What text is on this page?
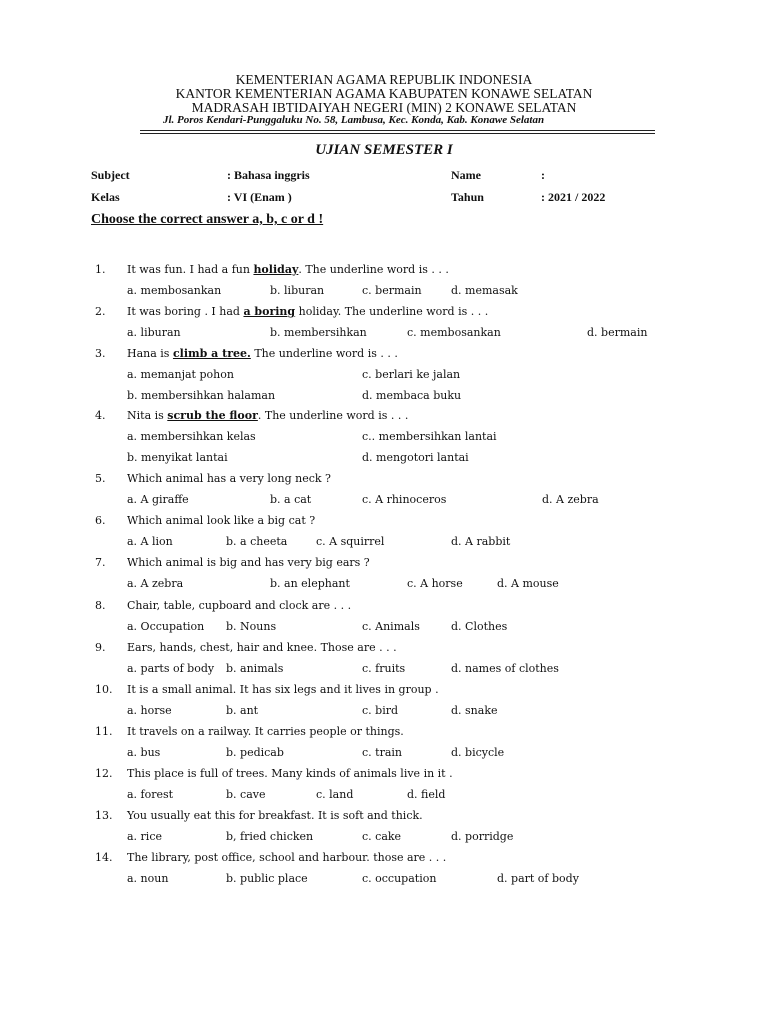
KEMENTERIAN AGAMA REPUBLIK INDONESIA
KANTOR KEMENTERIAN AGAMA KABUPATEN KONAWE SELATAN
MADRASAH IBTIDAIYAH NEGERI (MIN) 2 KONAWE SELATAN
Jl. Poros Kendari-Punggaluku No. 58, Lambusa, Kec. Konda, Kab. Konawe Selatan
UJIAN SEMESTER I
Subject	: Bahasa inggris	Name	:
Kelas	: VI (Enam )	Tahun	: 2021 / 2022
Choose the correct answer a, b, c or d !
1. It was fun. I had a fun holiday. The underline word is . . .
a. membosankan	b. liburan	c. bermain	d. memasak
2. It was boring . I had a boring holiday. The underline word is . . .
a. liburan	b. membersihkan	c. membosankan	d. bermain
3. Hana is climb a tree. The underline word is . . .
a. memanjat pohon	c. berlari ke jalan
b. membersihkan halaman	d. membaca buku
4. Nita is scrub the floor. The underline word is . . .
a. membersihkan kelas	c.. membersihkan lantai
b. menyikat lantai	d. mengotori lantai
5. Which animal has a very long neck ?
a. A giraffe	b. a cat	c. A rhinoceros	d. A zebra
6. Which animal look like a big cat ?
a. A lion	b. a cheeta	c. A squirrel	d. A rabbit
7. Which animal is big and has very big ears ?
a. A zebra	b. an elephant	c. A horse	d. A mouse
8. Chair, table, cupboard and clock are . . .
a. Occupation b. Nouns	c. Animals	d. Clothes
9. Ears, hands, chest, hair and knee. Those are . . .
a. parts of body b. animals	c. fruits	d. names of clothes
10. It is a small animal. It has six legs and it lives in group .
a. horse	b. ant	c. bird	d. snake
11. It travels on a railway. It carries people or things.
a. bus	b. pedicab	c. train	d. bicycle
12. This place is full of trees. Many kinds of animals live in it .
a. forest	b. cave	c. land	d. field
13. You usually eat this for breakfast. It is soft and thick.
a. rice	b, fried chicken	c. cake	d. porridge
14. The library, post office, school and harbour. those are . . .
a. noun	b. public place	c. occupation	d. part of body
